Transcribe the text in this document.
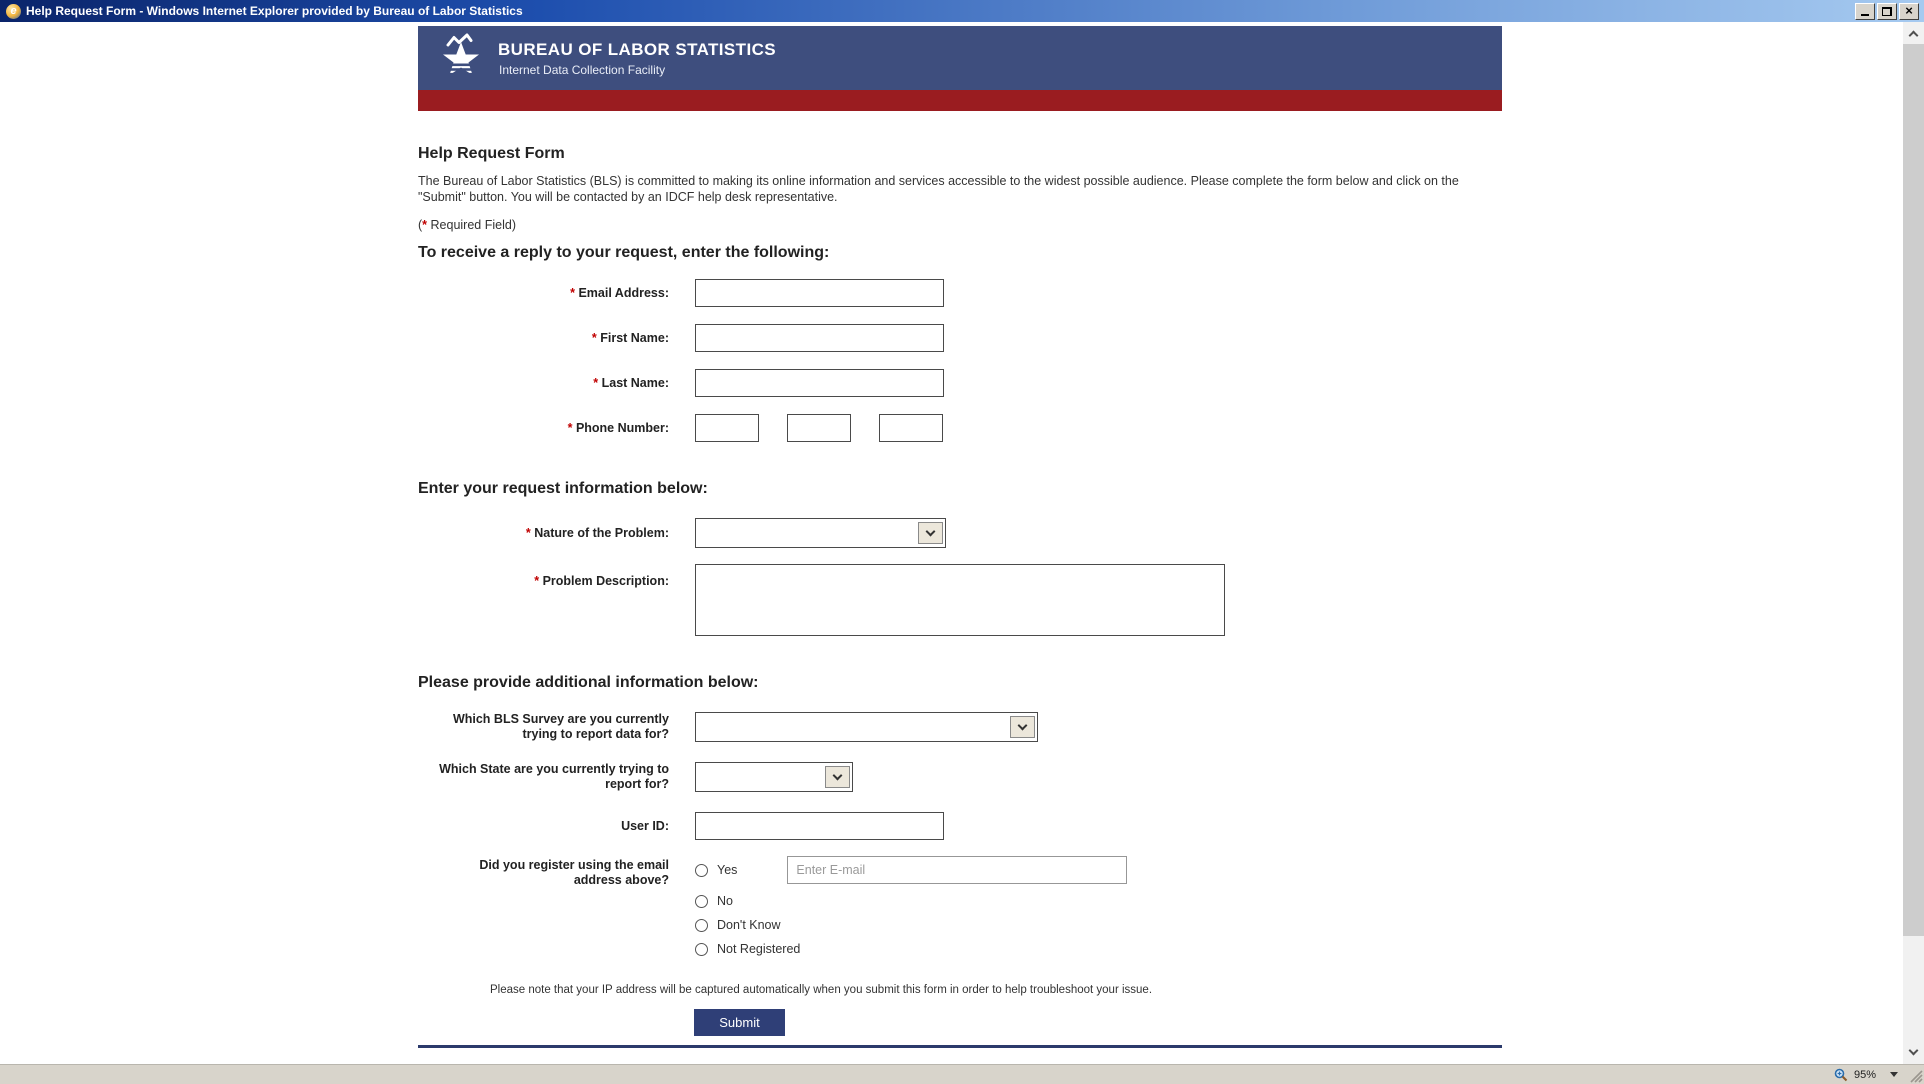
e Help Request Form - Windows Internet Explorer provided by Bureau of Labor Statistics	×
BUREAU OF LABOR STATISTICS
Internet Data Collection Facility
Help Request Form

The Bureau of Labor Statistics (BLS) is committed to making its online information and services accessible to the widest possible audience. Please complete the form below and click on the "Submit" button. You will be contacted by an IDCF help desk representative.

(* Required Field)

To receive a reply to your request, enter the following:
* Email Address:
* First Name:
* Last Name:
* Phone Number:
Enter your request information below:
* Nature of the Problem:
* Problem Description:
Please provide additional information below:
Which BLS Survey are you currently
trying to report data for?
Which State are you currently trying to
report for?
User ID:
Did you register using the email
address above?
Yes
Enter E-mail
No
Don't Know
Not Registered
Please note that your IP address will be captured automatically when you submit this form in order to help troubleshoot your issue.
Submit
95%
